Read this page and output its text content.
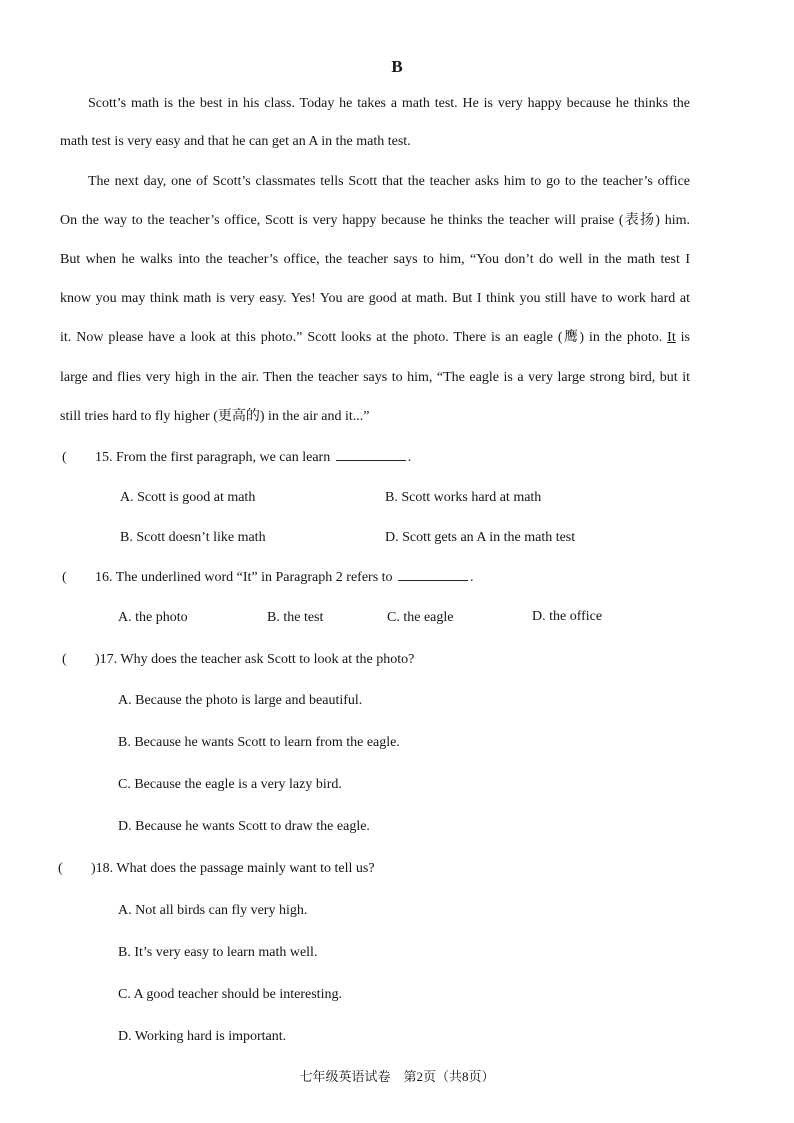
B
Scott’s math is the best in his class. Today he takes a math test. He is very happy because he thinks the
math test is very easy and that he can get an A in the math test.
The next day, one of Scott’s classmates tells Scott that the teacher asks him to go to the teacher’s office
On the way to the teacher’s office, Scott is very happy because he thinks the teacher will praise (表扬) him.
But when he walks into the teacher’s office, the teacher says to him, “You don’t do well in the math test I
know you may think math is very easy. Yes! You are good at math. But I think you still have to work hard at
it. Now please have a look at this photo.” Scott looks at the photo. There is an eagle (鹰) in the photo. It is
large and flies very high in the air. Then the teacher says to him, “The eagle is a very large strong bird, but it
still tries hard to fly higher (更高的) in the air and it...”
( 15. From the first paragraph, we can learn	.
A. Scott is good at math	B. Scott works hard at math
B. Scott doesn’t like math	D. Scott gets an A in the math test
( 16. The underlined word “It” in Paragraph 2 refers to	.
A. the photo	B. the test	C. the eagle	D. the office
( )17. Why does the teacher ask Scott to look at the photo?
A. Because the photo is large and beautiful.
B. Because he wants Scott to learn from the eagle.
C. Because the eagle is a very lazy bird.
D. Because he wants Scott to draw the eagle.
( )18. What does the passage mainly want to tell us?
A. Not all birds can fly very high.
B. It’s very easy to learn math well.
C. A good teacher should be interesting.
D. Working hard is important.
七年级英语试卷　第2页（共8页）
